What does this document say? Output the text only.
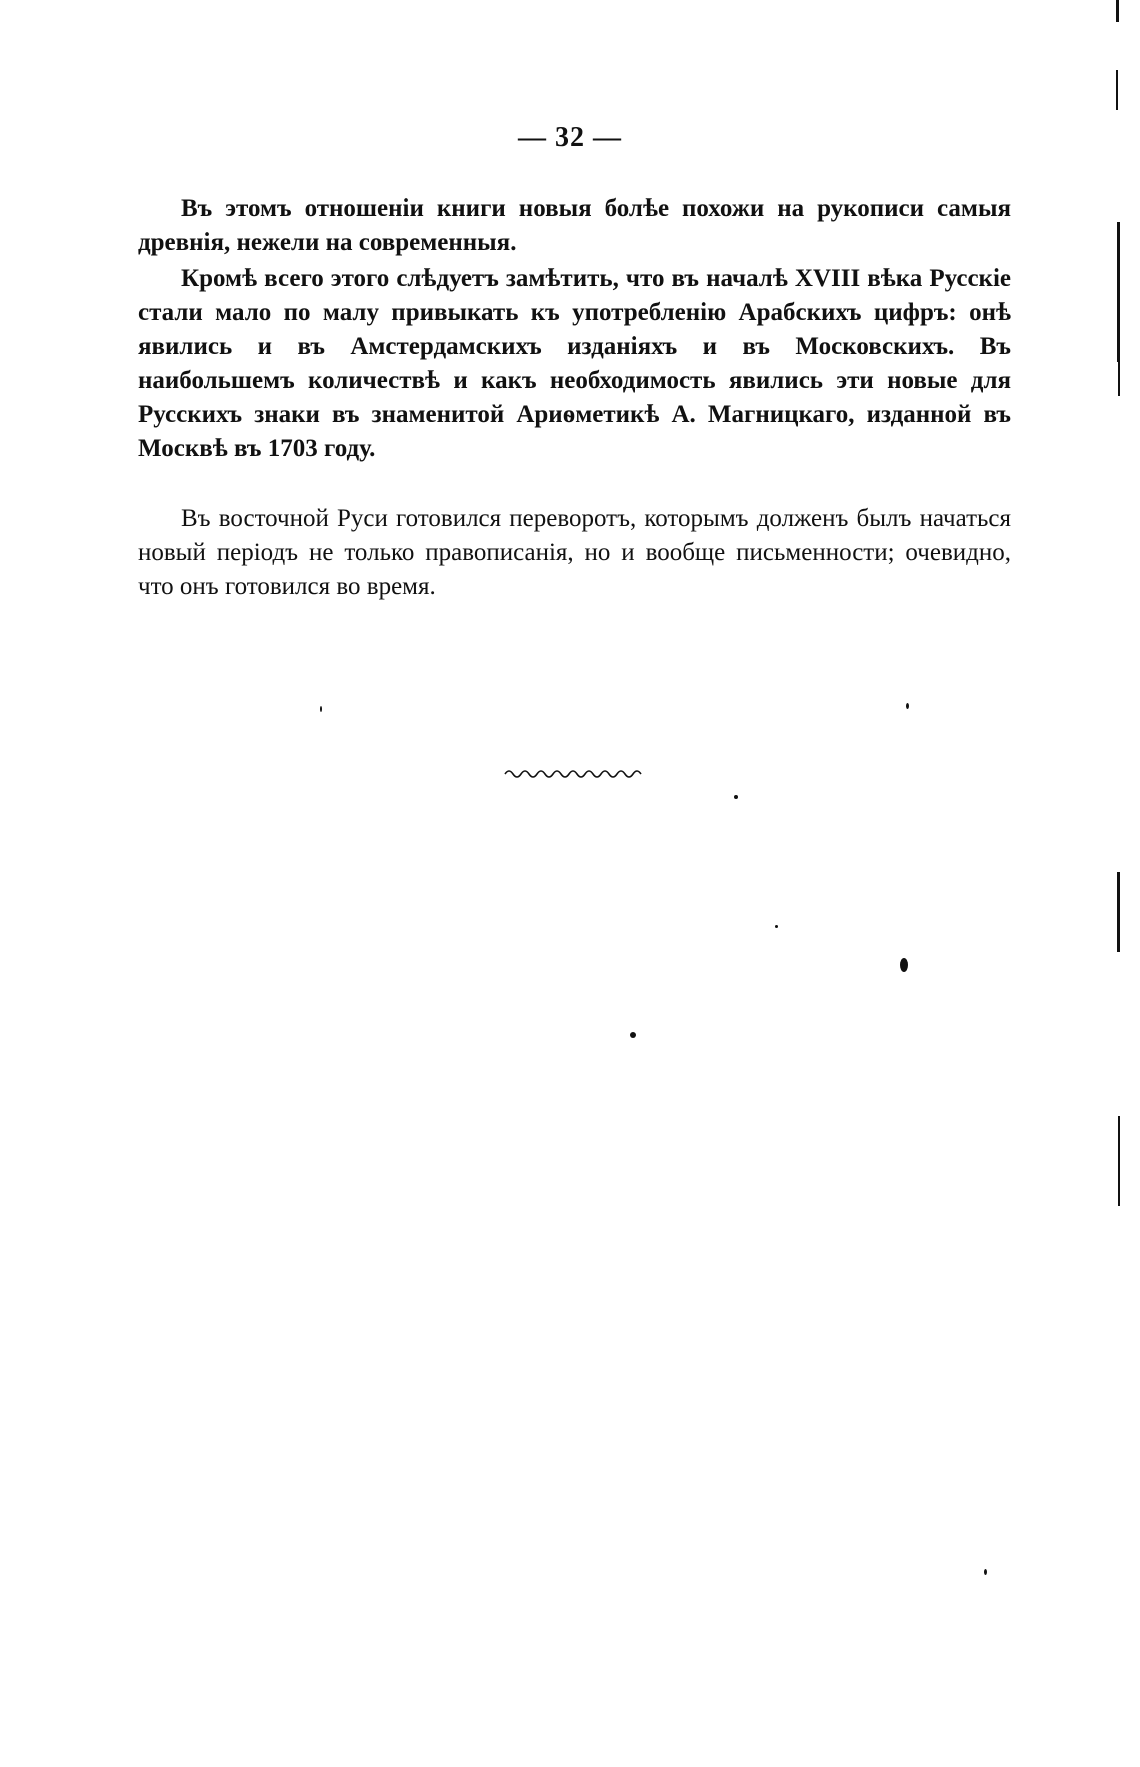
— 32 —

Въ этомъ отношеніи книги новыя болѣе похожи на рукописи самыя древнія, нежели на современныя.

Кромѣ всего этого слѣдуетъ замѣтить, что въ началѣ XVIII вѣка Русскіе стали мало по малу привыкать къ употребленію Арабскихъ цифръ: онѣ явились и въ Амстердамскихъ изданіяхъ и въ Московскихъ. Въ наибольшемъ количествѣ и какъ необходимость явились эти новые для Русскихъ знаки въ знаменитой Ариѳметикѣ А. Магницкаго, изданной въ Москвѣ въ 1703 году.

Въ восточной Руси готовился переворотъ, которымъ долженъ былъ начаться новый періодъ не только правописанія, но и вообще письменности; очевидно, что онъ готовился во время.
